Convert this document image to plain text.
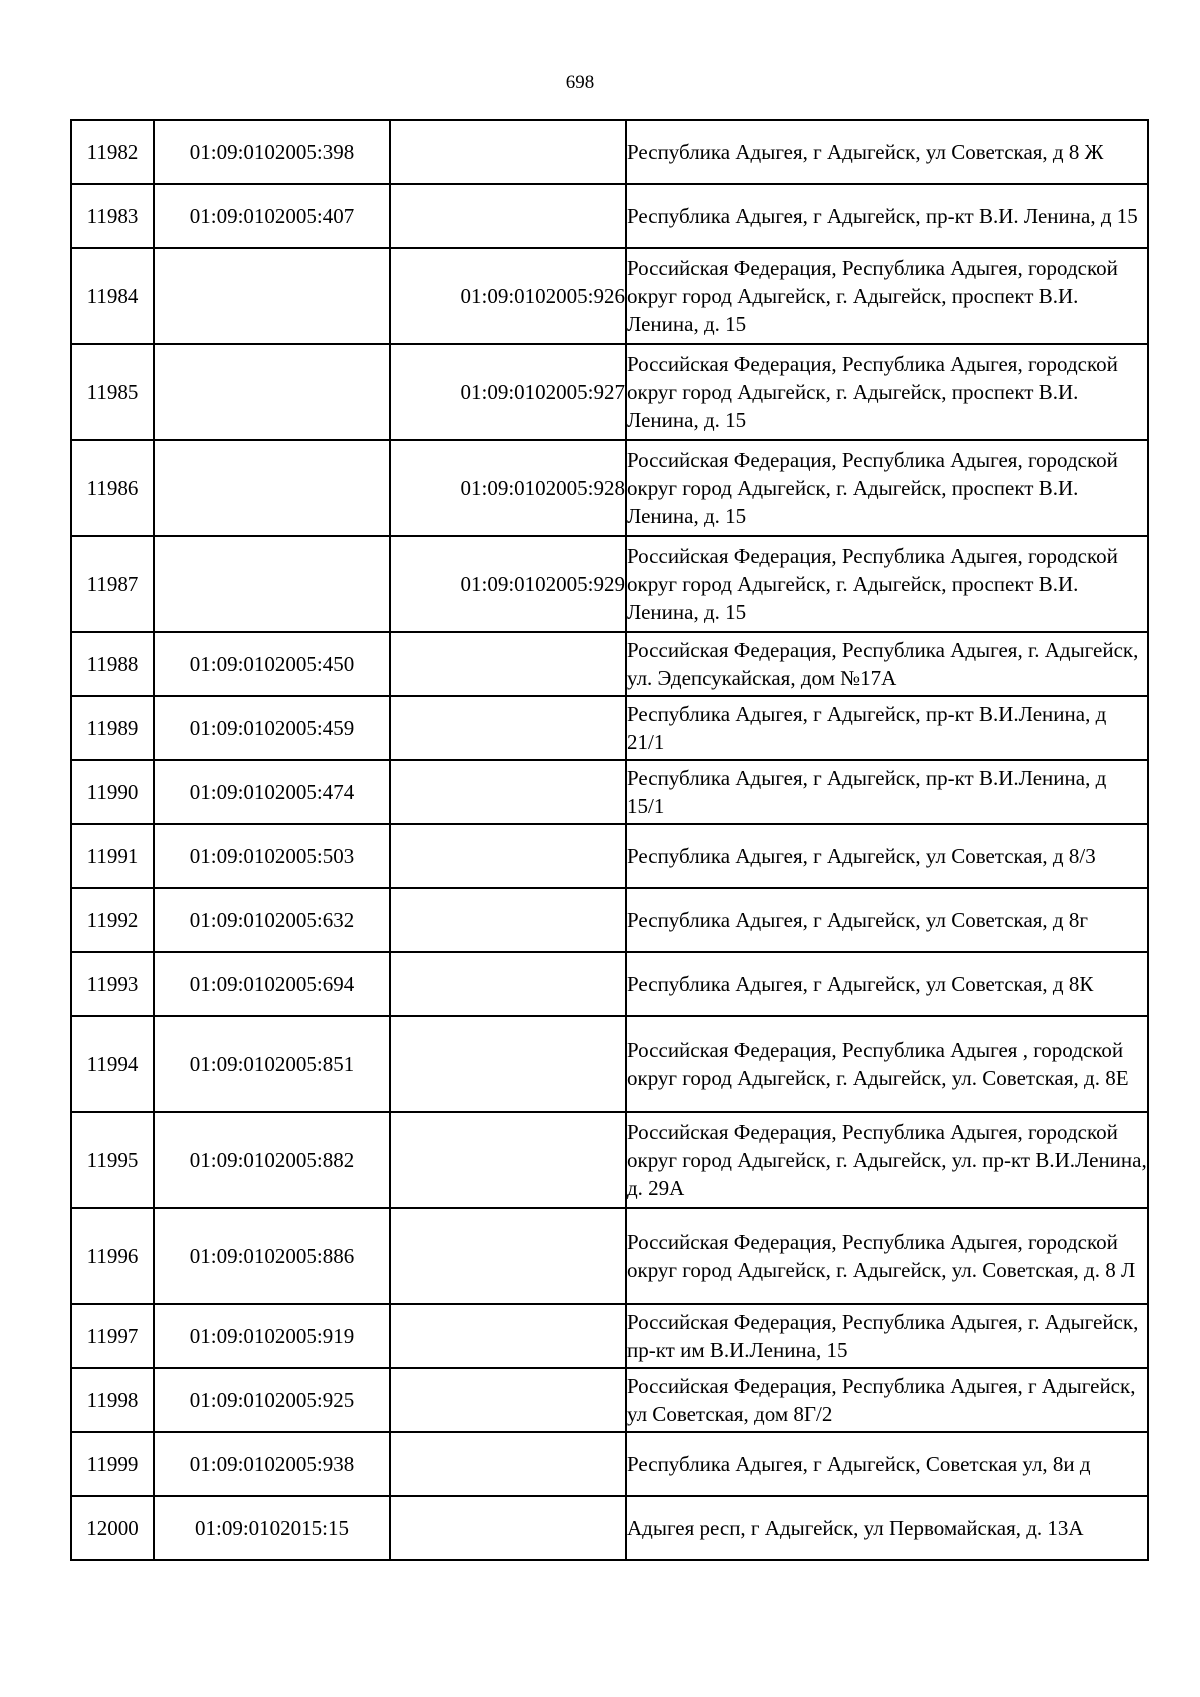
698
11982	01:09:0102005:398		Республика Адыгея, г Адыгейск, ул Советская, д 8 Ж
11983	01:09:0102005:407		Республика Адыгея, г Адыгейск, пр-кт В.И. Ленина, д 15
11984		01:09:0102005:926	Российская Федерация, Республика Адыгея, городской округ город Адыгейск, г. Адыгейск, проспект В.И. Ленина, д. 15
11985		01:09:0102005:927	Российская Федерация, Республика Адыгея, городской округ город Адыгейск, г. Адыгейск, проспект В.И. Ленина, д. 15
11986		01:09:0102005:928	Российская Федерация, Республика Адыгея, городской округ город Адыгейск, г. Адыгейск, проспект В.И. Ленина, д. 15
11987		01:09:0102005:929	Российская Федерация, Республика Адыгея, городской округ город Адыгейск, г. Адыгейск, проспект В.И. Ленина, д. 15
11988	01:09:0102005:450		Российская Федерация, Республика Адыгея, г. Адыгейск, ул. Эдепсукайская, дом №17А
11989	01:09:0102005:459		Республика Адыгея, г Адыгейск, пр-кт В.И.Ленина, д 21/1
11990	01:09:0102005:474		Республика Адыгея, г Адыгейск, пр-кт В.И.Ленина, д 15/1
11991	01:09:0102005:503		Республика Адыгея, г Адыгейск, ул Советская, д 8/3
11992	01:09:0102005:632		Республика Адыгея, г Адыгейск, ул Советская, д 8г
11993	01:09:0102005:694		Республика Адыгея, г Адыгейск, ул Советская, д 8К
11994	01:09:0102005:851		Российская Федерация, Республика Адыгея , городской округ город Адыгейск, г. Адыгейск, ул. Советская, д. 8Е
11995	01:09:0102005:882		Российская Федерация, Республика Адыгея, городской округ город Адыгейск, г. Адыгейск, ул. пр-кт В.И.Ленина, д. 29А
11996	01:09:0102005:886		Российская Федерация, Республика Адыгея, городской округ город Адыгейск, г. Адыгейск, ул. Советская, д. 8 Л
11997	01:09:0102005:919		Российская Федерация, Республика Адыгея, г. Адыгейск, пр-кт им В.И.Ленина, 15
11998	01:09:0102005:925		Российская Федерация, Республика Адыгея, г Адыгейск, ул Советская, дом 8Г/2
11999	01:09:0102005:938		Республика Адыгея, г Адыгейск, Советская ул, 8и д
12000	01:09:0102015:15		Адыгея респ, г Адыгейск, ул Первомайская, д. 13А
